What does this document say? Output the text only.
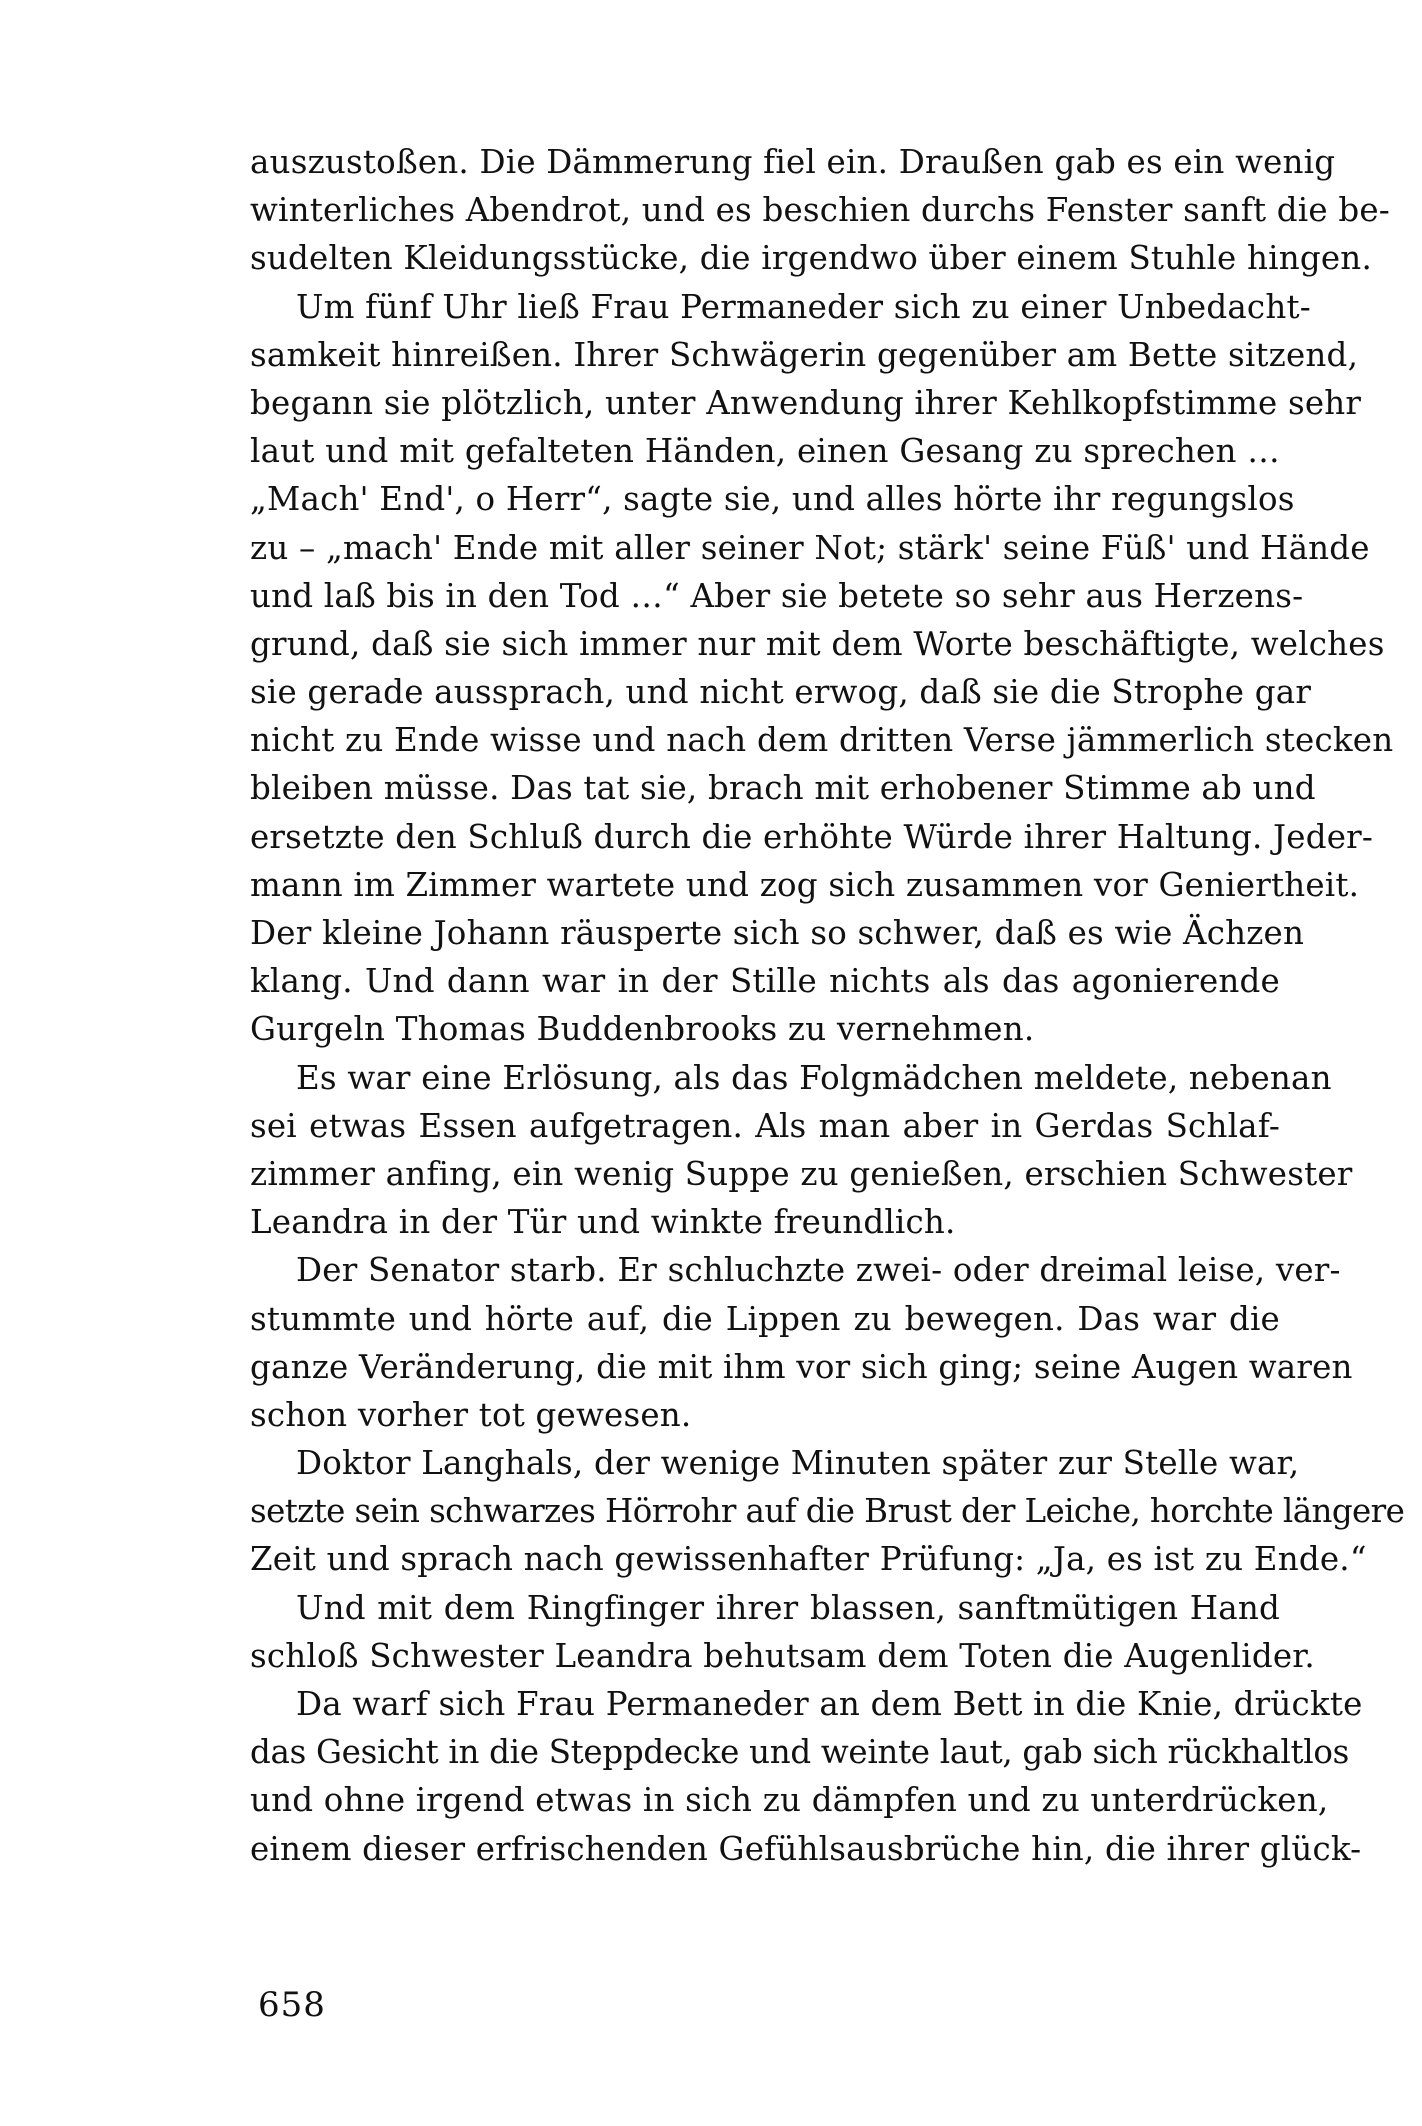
auszustoßen. Die Dämmerung fiel ein. Draußen gab es ein wenig
winterliches Abendrot, und es beschien durchs Fenster sanft die be-
sudelten Kleidungsstücke, die irgendwo über einem Stuhle hingen.
Um fünf Uhr ließ Frau Permaneder sich zu einer Unbedacht-
samkeit hinreißen. Ihrer Schwägerin gegenüber am Bette sitzend,
begann sie plötzlich, unter Anwendung ihrer Kehlkopfstimme sehr
laut und mit gefalteten Händen, einen Gesang zu sprechen …
„Mach' End', o Herr“, sagte sie, und alles hörte ihr regungslos
zu – „mach' Ende mit aller seiner Not; stärk' seine Füß' und Hände
und laß bis in den Tod …“ Aber sie betete so sehr aus Herzens-
grund, daß sie sich immer nur mit dem Worte beschäftigte, welches
sie gerade aussprach, und nicht erwog, daß sie die Strophe gar
nicht zu Ende wisse und nach dem dritten Verse jämmerlich stecken
bleiben müsse. Das tat sie, brach mit erhobener Stimme ab und
ersetzte den Schluß durch die erhöhte Würde ihrer Haltung. Jeder-
mann im Zimmer wartete und zog sich zusammen vor Geniertheit.
Der kleine Johann räusperte sich so schwer, daß es wie Ächzen
klang. Und dann war in der Stille nichts als das agonierende
Gurgeln Thomas Buddenbrooks zu vernehmen.
Es war eine Erlösung, als das Folgmädchen meldete, nebenan
sei etwas Essen aufgetragen. Als man aber in Gerdas Schlaf-
zimmer anfing, ein wenig Suppe zu genießen, erschien Schwester
Leandra in der Tür und winkte freundlich.
Der Senator starb. Er schluchzte zwei- oder dreimal leise, ver-
stummte und hörte auf, die Lippen zu bewegen. Das war die
ganze Veränderung, die mit ihm vor sich ging; seine Augen waren
schon vorher tot gewesen.
Doktor Langhals, der wenige Minuten später zur Stelle war,
setzte sein schwarzes Hörrohr auf die Brust der Leiche, horchte längere
Zeit und sprach nach gewissenhafter Prüfung: „Ja, es ist zu Ende.“
Und mit dem Ringfinger ihrer blassen, sanftmütigen Hand
schloß Schwester Leandra behutsam dem Toten die Augenlider.
Da warf sich Frau Permaneder an dem Bett in die Knie, drückte
das Gesicht in die Steppdecke und weinte laut, gab sich rückhaltlos
und ohne irgend etwas in sich zu dämpfen und zu unterdrücken,
einem dieser erfrischenden Gefühlsausbrüche hin, die ihrer glück-
658
